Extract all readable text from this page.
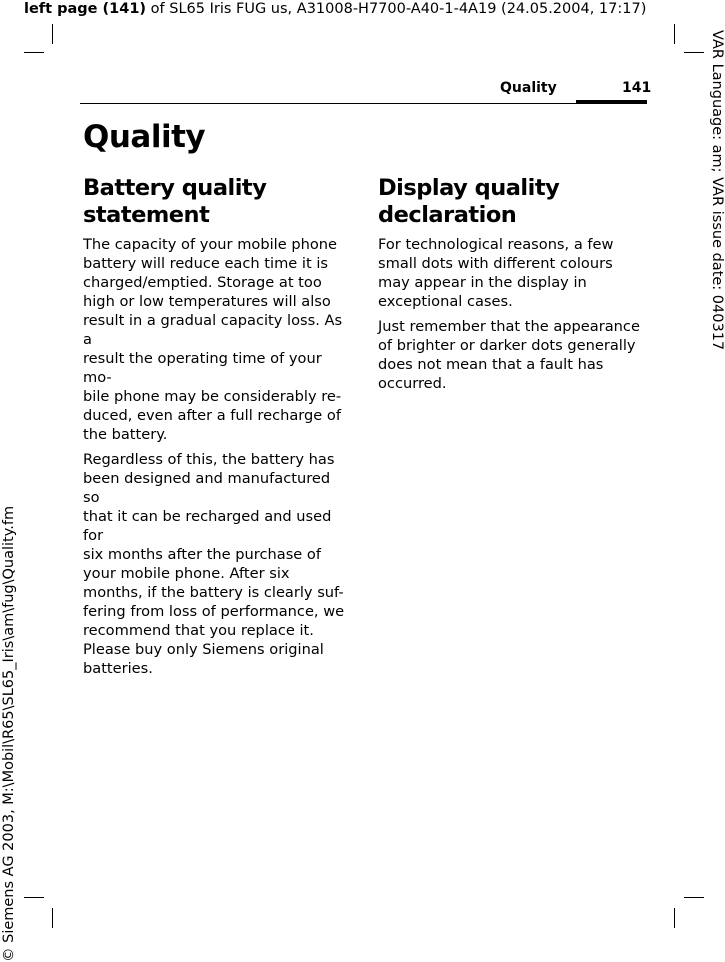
left page (141) of SL65 Iris FUG us, A31008-H7700-A40-1-4A19 (24.05.2004, 17:17)
VAR Language: am; VAR issue date: 040317
© Siemens AG 2003, M:\Mobil\R65\SL65_Iris\am\fug\Quality.fm
Quality	141
Quality
Battery quality statement

The capacity of your mobile phone
battery will reduce each time it is
charged/emptied. Storage at too
high or low temperatures will also
result in a gradual capacity loss. As a
result the operating time of your mo-
bile phone may be considerably re-
duced, even after a full recharge of
the battery.

Regardless of this, the battery has
been designed and manufactured so
that it can be recharged and used for
six months after the purchase of
your mobile phone. After six
months, if the battery is clearly suf-
fering from loss of performance, we
recommend that you replace it.
Please buy only Siemens original
batteries.

Display quality
declaration

For technological reasons, a few
small dots with different colours
may appear in the display in
exceptional cases.

Just remember that the appearance
of brighter or darker dots generally
does not mean that a fault has
occurred.
